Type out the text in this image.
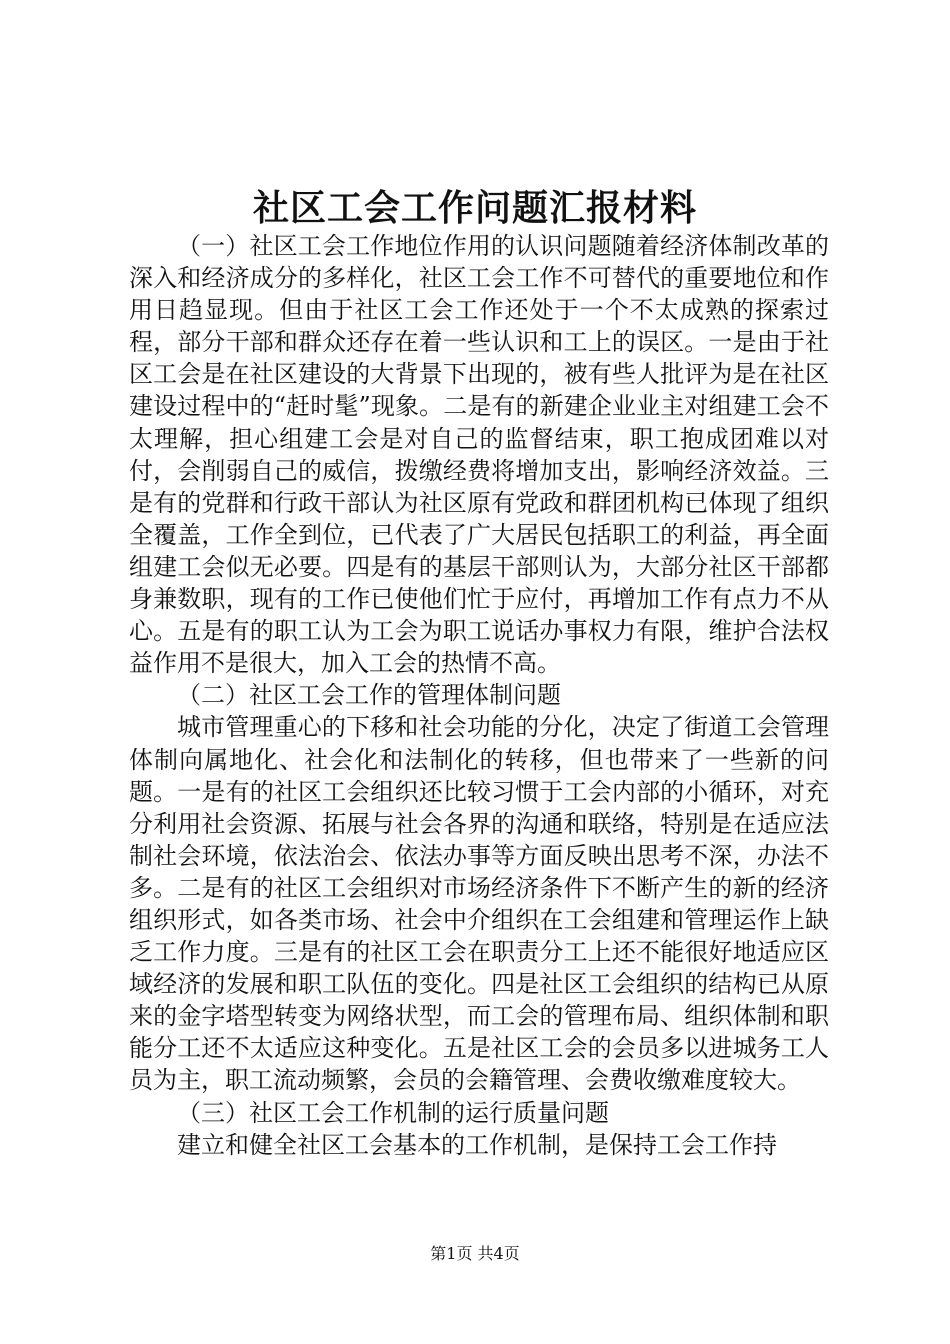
社区工会工作问题汇报材料

（一）社区工会工作地位作用的认识问题随着经济体制改革的深入和经济成分的多样化，社区工会工作不可替代的重要地位和作用日趋显现。但由于社区工会工作还处于一个不太成熟的探索过程，部分干部和群众还存在着一些认识和工上的误区。一是由于社区工会是在社区建设的大背景下出现的，被有些人批评为是在社区建设过程中的“赶时髦”现象。二是有的新建企业业主对组建工会不太理解，担心组建工会是对自己的监督结束，职工抱成团难以对付，会削弱自己的威信，拨缴经费将增加支出，影响经济效益。三是有的党群和行政干部认为社区原有党政和群团机构已体现了组织全覆盖，工作全到位，已代表了广大居民包括职工的利益，再全面组建工会似无必要。四是有的基层干部则认为，大部分社区干部都身兼数职，现有的工作已使他们忙于应付，再增加工作有点力不从心。五是有的职工认为工会为职工说话办事权力有限，维护合法权益作用不是很大，加入工会的热情不高。

（二）社区工会工作的管理体制问题

城市管理重心的下移和社会功能的分化，决定了街道工会管理体制向属地化、社会化和法制化的转移，但也带来了一些新的问题。一是有的社区工会组织还比较习惯于工会内部的小循环，对充分利用社会资源、拓展与社会各界的沟通和联络，特别是在适应法制社会环境，依法治会、依法办事等方面反映出思考不深，办法不多。二是有的社区工会组织对市场经济条件下不断产生的新的经济组织形式，如各类市场、社会中介组织在工会组建和管理运作上缺乏工作力度。三是有的社区工会在职责分工上还不能很好地适应区域经济的发展和职工队伍的变化。四是社区工会组织的结构已从原来的金字塔型转变为网络状型，而工会的管理布局、组织体制和职能分工还不太适应这种变化。五是社区工会的会员多以进城务工人员为主，职工流动频繁，会员的会籍管理、会费收缴难度较大。

（三）社区工会工作机制的运行质量问题

建立和健全社区工会基本的工作机制，是保持工会工作持

第1页 共4页
